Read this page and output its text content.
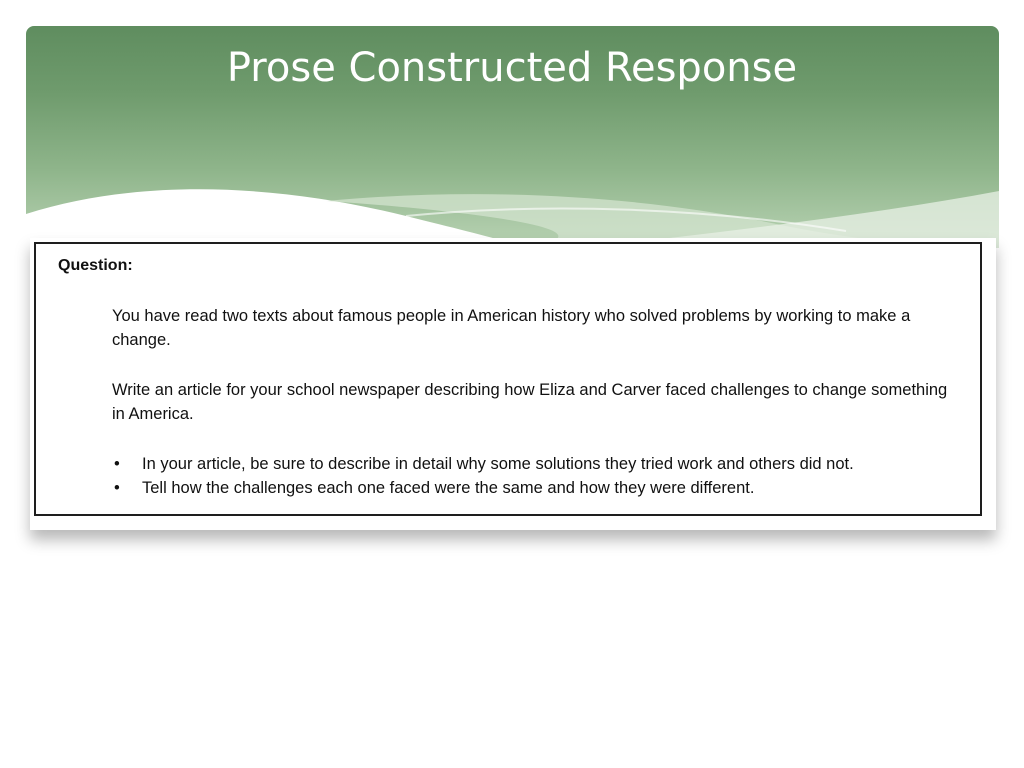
Prose Constructed Response
Question:

You have read two texts about famous people in American history who solved problems by working to make a change.

Write an article for your school newspaper describing how Eliza and Carver faced challenges to change something in America.

• In your article, be sure to describe in detail why some solutions they tried work and others did not.
• Tell how the challenges each one faced were the same and how they were different.
